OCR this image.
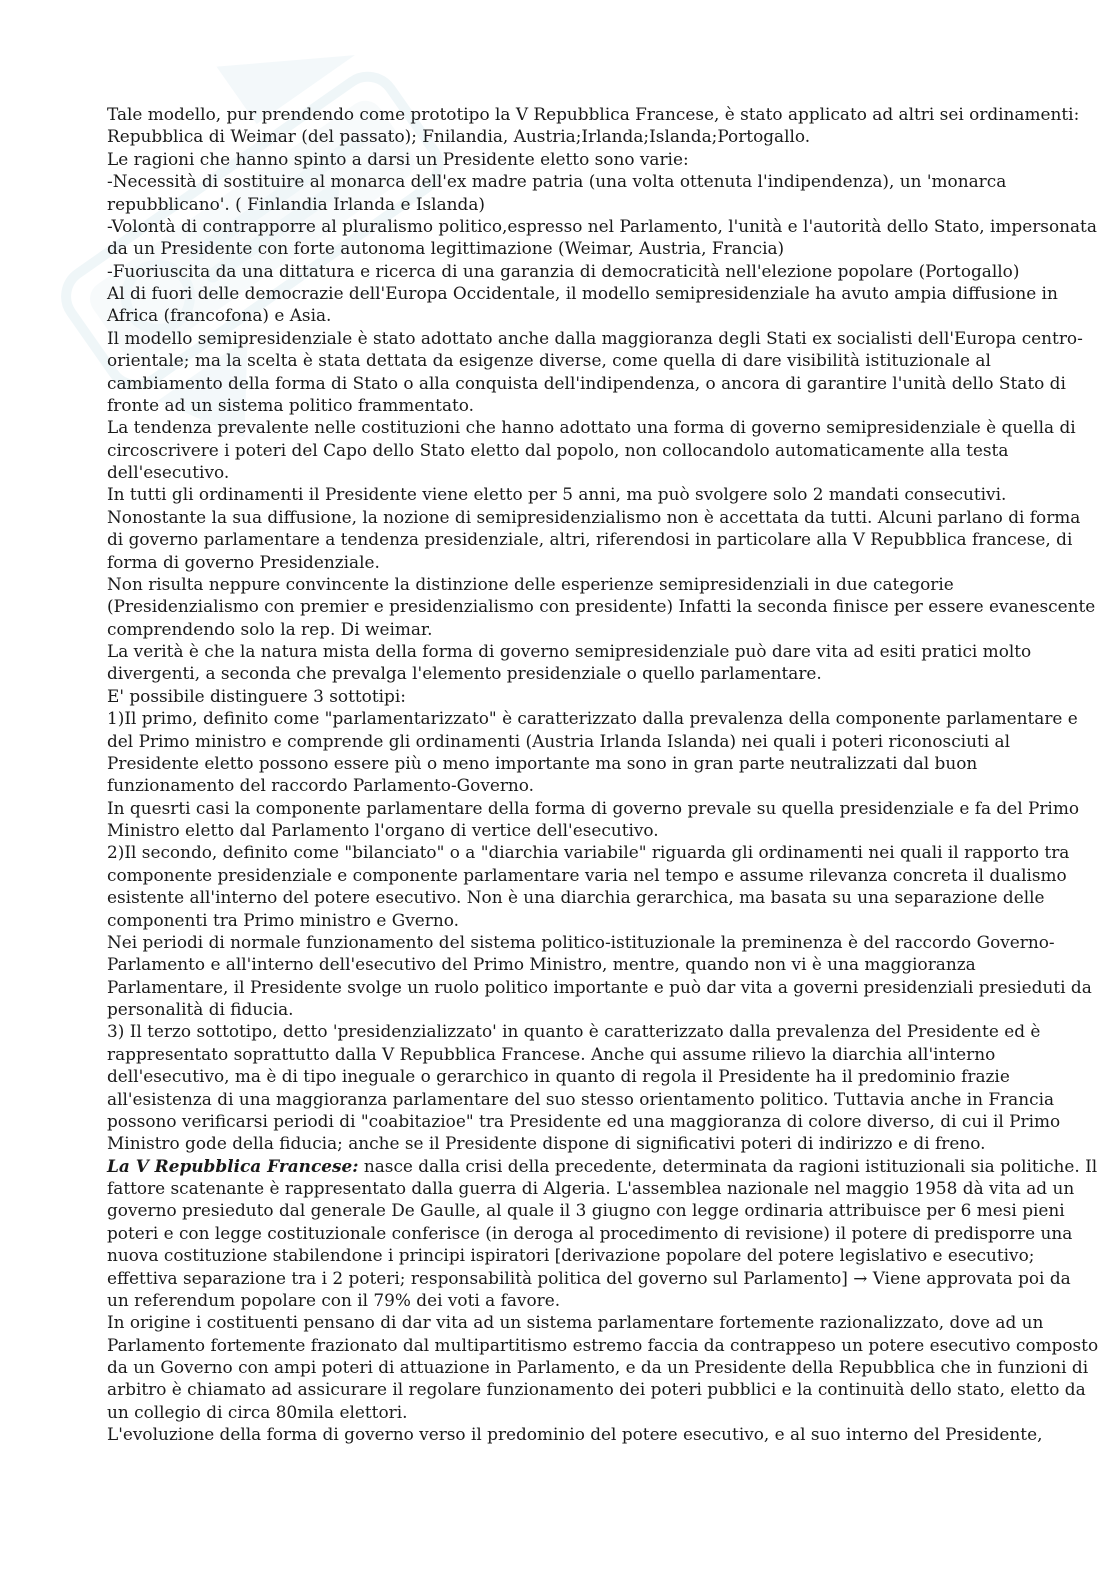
Tale modello, pur prendendo come prototipo la V Repubblica Francese, è stato applicato ad altri sei ordinamenti:
Repubblica di Weimar (del passato); Fnilandia, Austria;Irlanda;Islanda;Portogallo.
Le ragioni che hanno spinto a darsi un Presidente eletto sono varie:
-Necessità di sostituire al monarca dell'ex madre patria (una volta ottenuta l'indipendenza), un 'monarca
repubblicano'. ( Finlandia Irlanda e Islanda)
-Volontà di contrapporre al pluralismo politico,espresso nel Parlamento, l'unità e l'autorità dello Stato, impersonata
da un Presidente con forte autonoma legittimazione (Weimar, Austria, Francia)
-Fuoriuscita da una dittatura e ricerca di una garanzia di democraticità nell'elezione popolare (Portogallo)
Al di fuori delle democrazie dell'Europa Occidentale, il modello semipresidenziale ha avuto ampia diffusione in
Africa (francofona) e Asia.
Il modello semipresidenziale è stato adottato anche dalla maggioranza degli Stati ex socialisti dell'Europa centro-
orientale; ma la scelta è stata dettata da esigenze diverse, come quella di dare visibilità istituzionale al
cambiamento della forma di Stato o alla conquista dell'indipendenza, o ancora di garantire l'unità dello Stato di
fronte ad un sistema politico frammentato.
La tendenza prevalente nelle costituzioni che hanno adottato una forma di governo semipresidenziale è quella di
circoscrivere i poteri del Capo dello Stato eletto dal popolo, non collocandolo automaticamente alla testa
dell'esecutivo.
In tutti gli ordinamenti il Presidente viene eletto per 5 anni, ma può svolgere solo 2 mandati consecutivi.
Nonostante la sua diffusione, la nozione di semipresidenzialismo non è accettata da tutti. Alcuni parlano di forma
di governo parlamentare a tendenza presidenziale, altri, riferendosi in particolare alla V Repubblica francese, di
forma di governo Presidenziale.
Non risulta neppure convincente la distinzione delle esperienze semipresidenziali in due categorie
(Presidenzialismo con premier e presidenzialismo con presidente) Infatti la seconda finisce per essere evanescente
comprendendo solo la rep. Di weimar.
La verità è che la natura mista della forma di governo semipresidenziale può dare vita ad esiti pratici molto
divergenti, a seconda che prevalga l'elemento presidenziale o quello parlamentare.
E' possibile distinguere 3 sottotipi:
1)Il primo, definito come "parlamentarizzato" è caratterizzato dalla prevalenza della componente parlamentare e
del Primo ministro e comprende gli ordinamenti (Austria Irlanda Islanda) nei quali i poteri riconosciuti al
Presidente eletto possono essere più o meno importante ma sono in gran parte neutralizzati dal buon
funzionamento del raccordo Parlamento-Governo.
In quesrti casi la componente parlamentare della forma di governo prevale su quella presidenziale e fa del Primo
Ministro eletto dal Parlamento l'organo di vertice dell'esecutivo.
2)Il secondo, definito come "bilanciato" o a "diarchia variabile" riguarda gli ordinamenti nei quali il rapporto tra
componente presidenziale e componente parlamentare varia nel tempo e assume rilevanza concreta il dualismo
esistente all'interno del potere esecutivo. Non è una diarchia gerarchica, ma basata su una separazione delle
componenti tra Primo ministro e Gverno.
Nei periodi di normale funzionamento del sistema politico-istituzionale la preminenza è del raccordo Governo-
Parlamento e all'interno dell'esecutivo del Primo Ministro, mentre, quando non vi è una maggioranza
Parlamentare, il Presidente svolge un ruolo politico importante e può dar vita a governi presidenziali presieduti da
personalità di fiducia.
3) Il terzo sottotipo, detto 'presidenzializzato' in quanto è caratterizzato dalla prevalenza del Presidente ed è
rappresentato soprattutto dalla V Repubblica Francese. Anche qui assume rilievo la diarchia all'interno
dell'esecutivo, ma è di tipo ineguale o gerarchico in quanto di regola il Presidente ha il predominio frazie
all'esistenza di una maggioranza parlamentare del suo stesso orientamento politico. Tuttavia anche in Francia
possono verificarsi periodi di "coabitazioe" tra Presidente ed una maggioranza di colore diverso, di cui il Primo
Ministro gode della fiducia; anche se il Presidente dispone di significativi poteri di indirizzo e di freno.
La V Repubblica Francese: nasce dalla crisi della precedente, determinata da ragioni istituzionali sia politiche. Il
fattore scatenante è rappresentato dalla guerra di Algeria. L'assemblea nazionale nel maggio 1958 dà vita ad un
governo presieduto dal generale De Gaulle, al quale il 3 giugno con legge ordinaria attribuisce per 6 mesi pieni
poteri e con legge costituzionale conferisce (in deroga al procedimento di revisione) il potere di predisporre una
nuova costituzione stabilendone i principi ispiratori [derivazione popolare del potere legislativo e esecutivo;
effettiva separazione tra i 2 poteri; responsabilità politica del governo sul Parlamento] → Viene approvata poi da
un referendum popolare con il 79% dei voti a favore.
In origine i costituenti pensano di dar vita ad un sistema parlamentare fortemente razionalizzato, dove ad un
Parlamento fortemente frazionato dal multipartitismo estremo faccia da contrappeso un potere esecutivo composto
da un Governo con ampi poteri di attuazione in Parlamento, e da un Presidente della Repubblica che in funzioni di
arbitro è chiamato ad assicurare il regolare funzionamento dei poteri pubblici e la continuità dello stato, eletto da
un collegio di circa 80mila elettori.
L'evoluzione della forma di governo verso il predominio del potere esecutivo, e al suo interno del Presidente,
